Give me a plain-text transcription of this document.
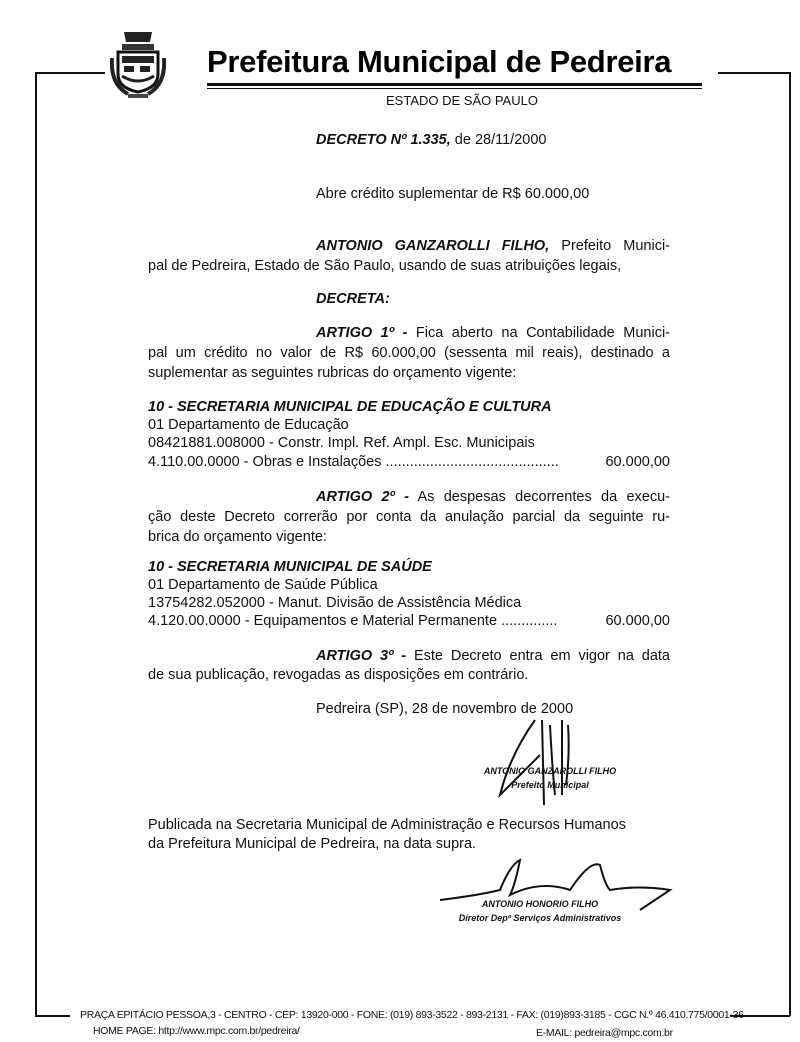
Prefeitura Municipal de Pedreira
ESTADO DE SÃO PAULO
DECRETO Nº 1.335, de 28/11/2000
Abre crédito suplementar de R$ 60.000,00
ANTONIO GANZAROLLI FILHO, Prefeito Munici-
pal de Pedreira, Estado de São Paulo, usando de suas atribuições legais,
DECRETA:
ARTIGO 1º - Fica aberto na Contabilidade Munici-
pal um crédito no valor de R$ 60.000,00 (sessenta mil reais), destinado a
suplementar as seguintes rubricas do orçamento vigente:
10 - SECRETARIA MUNICIPAL DE EDUCAÇÃO E CULTURA
01 Departamento de Educação
08421881.008000 - Constr. Impl. Ref. Ampl. Esc. Municipais
4.110.00.0000 - Obras e Instalações ...........................................	60.000,00
ARTIGO 2º - As despesas decorrentes da execu-
ção deste Decreto correrão por conta da anulação parcial da seguinte ru-
brica do orçamento vigente:
10 - SECRETARIA MUNICIPAL DE SAÚDE
01 Departamento de Saúde Pública
13754282.052000 - Manut. Divisão de Assistência Médica
4.120.00.0000 - Equipamentos e Material Permanente ..............	60.000,00
ARTIGO 3º - Este Decreto entra em vigor na data
de sua publicação, revogadas as disposições em contrário.
Pedreira (SP), 28 de novembro de 2000
ANTONIO GANZAROLLI FILHO
Prefeito Municipal
Publicada na Secretaria Municipal de Administração e Recursos Humanos
da Prefeitura Municipal de Pedreira, na data supra.
ANTONIO HONORIO FILHO
Diretor Depº Serviços Administrativos
PRAÇA EPITÁCIO PESSOA,3 - CENTRO - CEP: 13920-000 - FONE: (019) 893-3522 - 893-2131 - FAX: (019)893-3185 - CGC N.º 46.410.775/0001-36
HOME PAGE: http://www.mpc.com.br/pedreira/	E-MAIL: pedreira@mpc.com.br
